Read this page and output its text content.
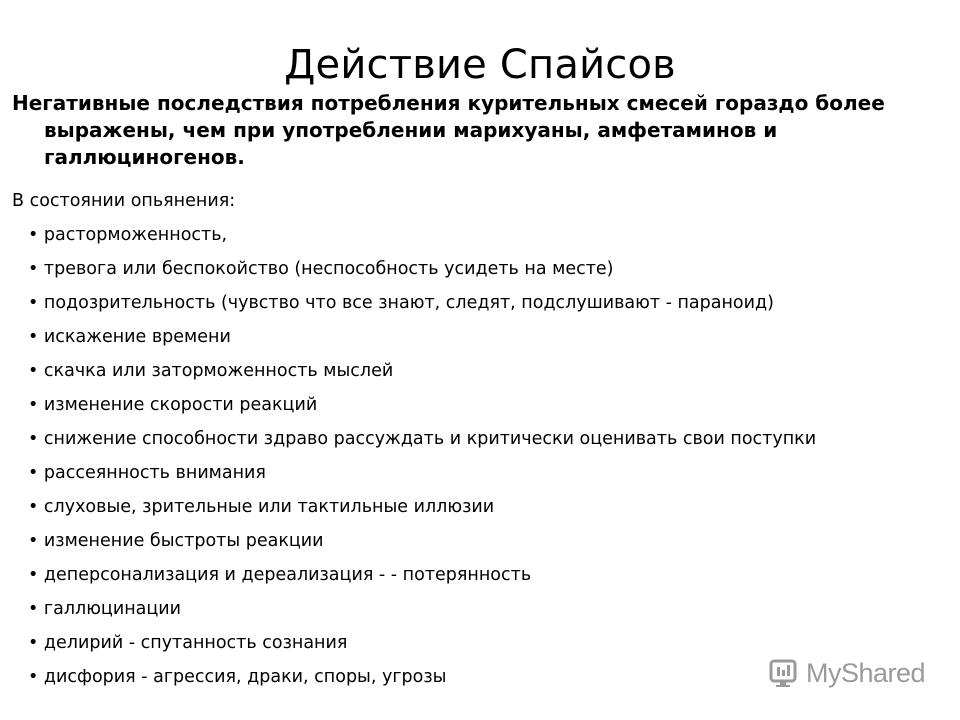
Действие Спайсов
Негативные последствия потребления курительных смесей гораздо более выражены, чем при употреблении марихуаны, амфетаминов и галлюциногенов.
В состоянии опьянения:
• расторможенность,
• тревога или беспокойство (неспособность усидеть на месте)
• подозрительность (чувство что все знают, следят, подслушивают - параноид)
• искажение времени
• скачка или заторможенность мыслей
• изменение скорости реакций
• снижение способности здраво рассуждать и критически оценивать свои поступки
• рассеянность внимания
• слуховые, зрительные или тактильные иллюзии
• изменение быстроты реакции
• деперсонализация и дереализация - - потерянность
• галлюцинации
• делирий - спутанность сознания
• дисфория - агрессия, драки, споры, угрозы	MyShared
